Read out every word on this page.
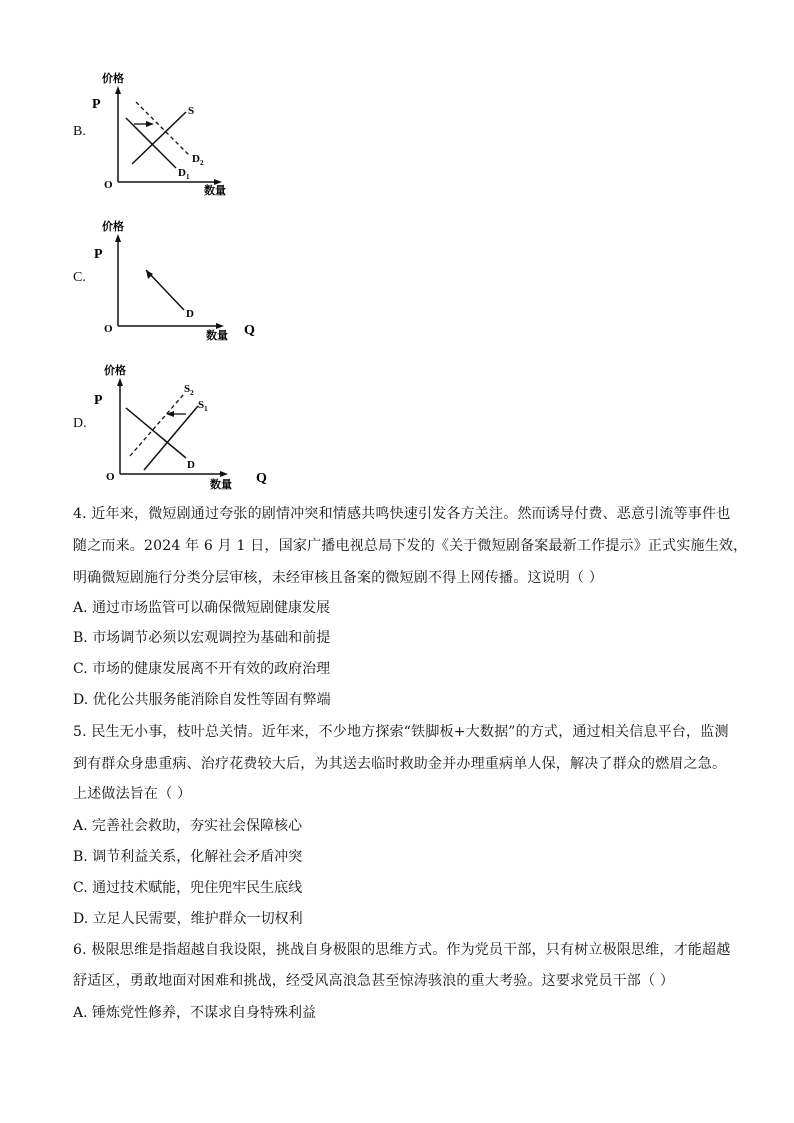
B.
价格
P
O	数量
S
$D_2$
$D_1$
C.
价格
P
O
数量 Q
D
D.
价格
P
O
数量 Q
$S_2$
$S_1$
D
4. 近年来，微短剧通过夸张的剧情冲突和情感共鸣快速引发各方关注。然而诱导付费、恶意引流等事件也
随之而来。2024 年 6 月 1 日，国家广播电视总局下发的《关于微短剧备案最新工作提示》正式实施生效，
明确微短剧施行分类分层审核，未经审核且备案的微短剧不得上网传播。这说明（ ）
A. 通过市场监管可以确保微短剧健康发展
B. 市场调节必须以宏观调控为基础和前提
C. 市场的健康发展离不开有效的政府治理
D. 优化公共服务能消除自发性等固有弊端
5. 民生无小事，枝叶总关情。近年来，不少地方探索“铁脚板+大数据”的方式，通过相关信息平台，监测
到有群众身患重病、治疗花费较大后，为其送去临时救助金并办理重病单人保，解决了群众的燃眉之急。
上述做法旨在（ ）
A. 完善社会救助，夯实社会保障核心
B. 调节利益关系，化解社会矛盾冲突
C. 通过技术赋能，兜住兜牢民生底线
D. 立足人民需要，维护群众一切权利
6. 极限思维是指超越自我设限，挑战自身极限的思维方式。作为党员干部，只有树立极限思维，才能超越
舒适区，勇敢地面对困难和挑战，经受风高浪急甚至惊涛骇浪的重大考验。这要求党员干部（ ）
A. 锤炼党性修养，不谋求自身特殊利益
